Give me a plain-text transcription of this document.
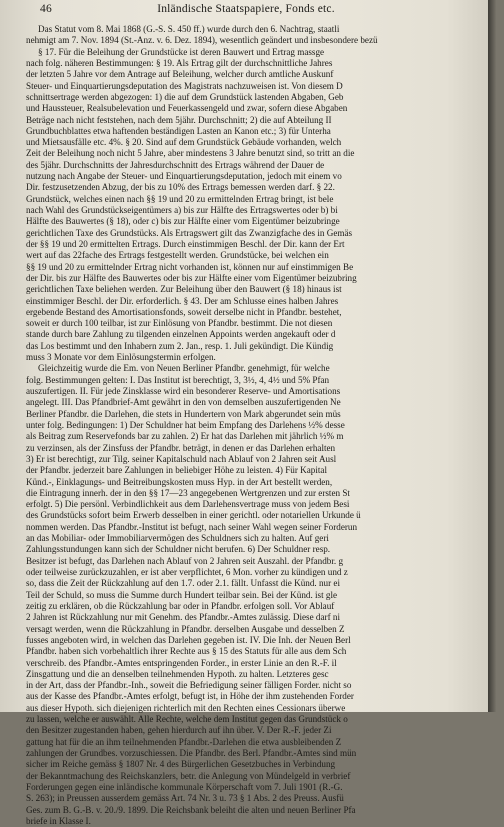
46	Inländische Staatspapiere, Fonds etc.
Das Statut vom 8. Mai 1868 (G.-S. S. 450 ff.) wurde durch den 6. Nachtrag, staatli
nehmigt am 7. Nov. 1894 (St.-Anz. v. 6. Dez. 1894), wesentlich geändert und insbesondere bezü
§ 17. Für die Beleihung der Grundstücke ist deren Bauwert und Ertrag massge
nach folg. näheren Bestimmungen: § 19. Als Ertrag gilt der durchschnittliche Jahres
der letzten 5 Jahre vor dem Antrage auf Beleihung, welcher durch amtliche Auskunf
Steuer- und Einquartierungsdeputation des Magistrats nachzuweisen ist. Von diesem D
schnittsertrage werden abgezogen: 1) die auf dem Grundstück lastenden Abgaben, Geb
und Haussteuer, Realsubelevation und Feuerkassengeld und zwar, sofern diese Abgaben
Beträge nach nicht feststehen, nach dem 5jähr. Durchschnitt; 2) die auf Abteilung II
Grundbuchblattes etwa haftenden beständigen Lasten an Kanon etc.; 3) für Unterha
und Mietsausfälle etc. 4%. § 20. Sind auf dem Grundstück Gebäude vorhanden, welch
Zeit der Beleihung noch nicht 5 Jahre, aber mindestens 3 Jahre benutzt sind, so tritt an die
des 5jähr. Durchschnitts der Jahresdurchschnitt des Ertrags während der Dauer de
nutzung nach Angabe der Steuer- und Einquartierungsdeputation, jedoch mit einem vo
Dir. festzusetzenden Abzug, der bis zu 10% des Ertrags bemessen werden darf. § 22.
Grundstück, welches einen nach §§ 19 und 20 zu ermittelnden Ertrag bringt, ist bele
nach Wahl des Grundstückseigentümers a) bis zur Hälfte des Ertragswertes oder b) bi
Hälfte des Bauwertes (§ 18), oder c) bis zur Hälfte einer vom Eigentümer beizubringe
gerichtlichen Taxe des Grundstücks. Als Ertragswert gilt das Zwanzigfache des in Gemäs
der §§ 19 und 20 ermittelten Ertrags. Durch einstimmigen Beschl. der Dir. kann der Ert
wert auf das 22fache des Ertrags festgestellt werden. Grundstücke, bei welchen ein
§§ 19 und 20 zu ermittelnder Ertrag nicht vorhanden ist, können nur auf einstimmigen Be
der Dir. bis zur Hälfte des Bauwertes oder bis zur Hälfte einer vom Eigentümer beizubring
gerichtlichen Taxe beliehen werden. Zur Beleihung über den Bauwert (§ 18) hinaus ist
einstimmiger Beschl. der Dir. erforderlich. § 43. Der am Schlusse eines halben Jahres
ergebende Bestand des Amortisationsfonds, soweit derselbe nicht in Pfandbr. bestehet,
soweit er durch 100 teilbar, ist zur Einlösung von Pfandbr. bestimmt. Die not diesen
stande durch bare Zahlung zu tilgenden einzelnen Appoints werden angekauft oder d
das Los bestimmt und den Inhabern zum 2. Jan., resp. 1. Juli gekündigt. Die Kündig
muss 3 Monate vor dem Einlösungstermin erfolgen.
Gleichzeitig wurde die Em. von Neuen Berliner Pfandbr. genehmigt, für welche
folg. Bestimmungen gelten: I. Das Institut ist berechtigt, 3, 3½, 4, 4½ und 5% Pfan
auszufertigen. II. Für jede Zinsklasse wird ein besonderer Reserve- und Amortisations
angelegt. III. Das Pfandbrief-Amt gewährt in den von demselben auszufertigenden Ne
Berliner Pfandbr. die Darlehen, die stets in Hundertern von Mark abgerundet sein müs
unter folg. Bedingungen: 1) Der Schuldner hat beim Empfang des Darlehens ½% desse
als Beitrag zum Reservefonds bar zu zahlen. 2) Er hat das Darlehen mit jährlich ½% m
zu verzinsen, als der Zinsfuss der Pfandbr. beträgt, in denen er das Darlehen erhalten
3) Er ist berechtigt, zur Tilg. seiner Kapitalschuld nach Ablauf von 2 Jahren seit Ausl
der Pfandbr. jederzeit bare Zahlungen in beliebiger Höhe zu leisten. 4) Für Kapital
Künd.-, Einklagungs- und Beitreibungskosten muss Hyp. in der Art bestellt werden,
die Eintragung innerh. der in den §§ 17—23 angegebenen Wertgrenzen und zur ersten St
erfolgt. 5) Die persönl. Verbindlichkeit aus dem Darlehensvertrage muss von jedem Besi
des Grundstücks sofort beim Erwerb desselben in einer gerichtl. oder notariellen Urkunde ü
nommen werden. Das Pfandbr.-Institut ist befugt, nach seiner Wahl wegen seiner Forderun
an das Mobiliar- oder Immobiliarvermögen des Schuldners sich zu halten. Auf geri
Zahlungsstundungen kann sich der Schuldner nicht berufen. 6) Der Schuldner resp.
Besitzer ist befugt, das Darlehen nach Ablauf von 2 Jahren seit Auszahl. der Pfandbr. g
oder teilweise zurückzuzahlen, er ist aber verpflichtet, 6 Mon. vorher zu kündigen und z
so, dass die Zeit der Rückzahlung auf den 1.7. oder 2.1. fällt. Unfasst die Künd. nur ei
Teil der Schuld, so muss die Summe durch Hundert teilbar sein. Bei der Künd. ist gle
zeitig zu erklären, ob die Rückzahlung bar oder in Pfandbr. erfolgen soll. Vor Ablauf
2 Jahren ist Rückzahlung nur mit Genehm. des Pfandbr.-Amtes zulässig. Diese darf ni
versagt werden, wenn die Rückzahlung in Pfandbr. derselben Ausgabe und desselben Z
fusses angeboten wird, in welchen das Darlehen gegeben ist. IV. Die Inh. der Neuen Berl
Pfandbr. haben sich vorbehaltlich ihrer Rechte aus § 15 des Statuts für alle aus dem Sch
verschreib. des Pfandbr.-Amtes entspringenden Forder., in erster Linie an den R.-F. il
Zinsgattung und die an denselben teilnehmenden Hypoth. zu halten. Letzteres gesc
in der Art, dass der Pfandbr.-Inh., soweit die Befriedigung seiner fälligen Forder. nicht so
aus der Kasse des Pfandbr.-Amtes erfolgt, befugt ist, in Höhe der ihm zustehenden Forder
aus dieser Hypoth. sich diejenigen richterlich mit den Rechten eines Cessionars überwe
zu lassen, welche er auswählt. Alle Rechte, welche dem Institut gegen das Grundstück o
den Besitzer zugestanden haben, gehen hierdurch auf ihn über. V. Der R.-F. jeder Zi
gattung hat für die an ihm teilnehmenden Pfandbr.-Darlehen die etwa ausbleibenden Z
zahlungen der Grundbes. vorzuschiessen. Die Pfandbr. des Berl. Pfandbr.-Amtes sind mün
sicher im Reiche gemäss § 1807 Nr. 4 des Bürgerlichen Gesetzbuches in Verbindung
der Bekanntmachung des Reichskanzlers, betr. die Anlegung von Mündelgeld in verbrief
Forderungen gegen eine inländische kommunale Körperschaft vom 7. Juli 1901 (R.-G.
S. 263); in Preussen ausserdem gemäss Art. 74 Nr. 3 u. 73 § 1 Abs. 2 des Preuss. Ausfü
Ges. zum B. G.-B. v. 20./9. 1899. Die Reichsbank beleiht die alten und neuen Berliner Pfa
briefe in Klasse I.
